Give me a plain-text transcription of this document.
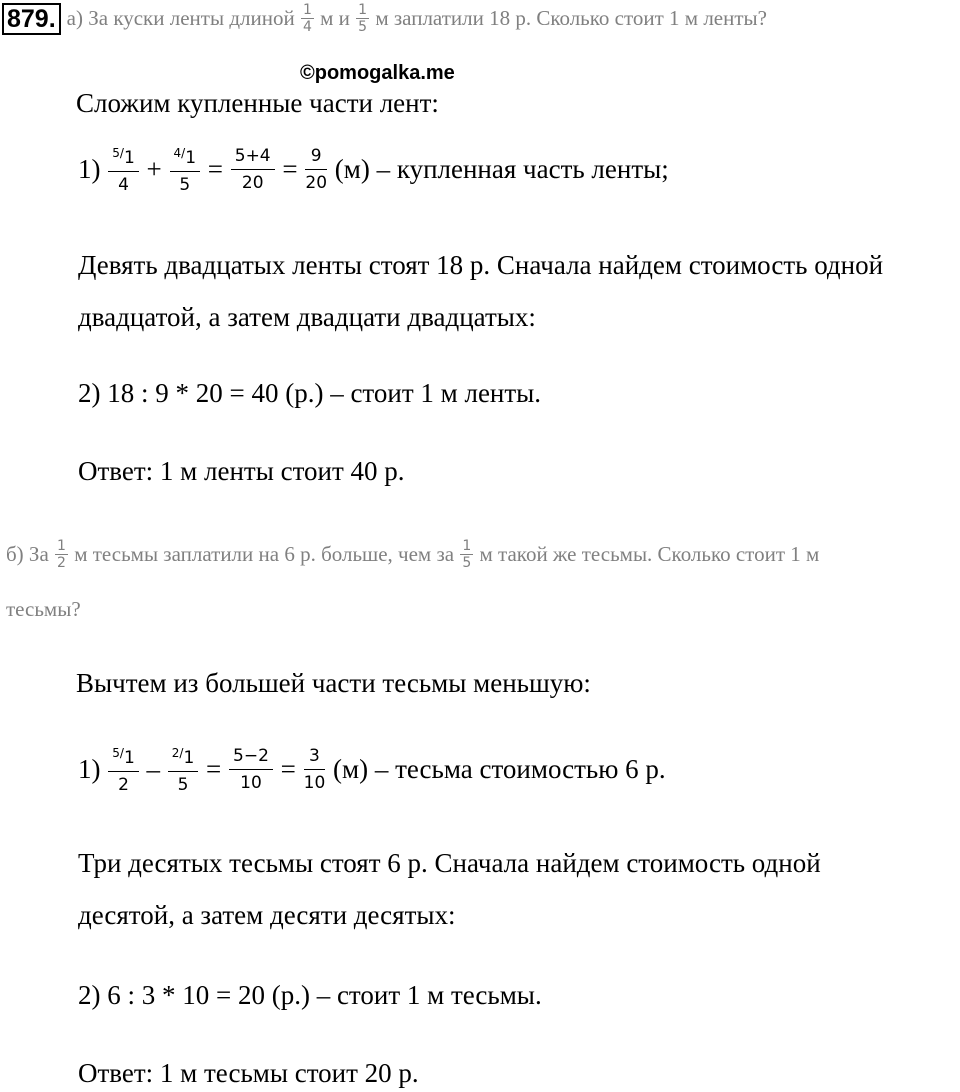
879. а) За куски ленты длиной $\frac{1}{4}$ м и $\frac{1}{5}$ м заплатили 18 р. Сколько стоит 1 м ленты?
©pomogalka.me
Сложим купленные части лент:
$1) \frac{^{5/}1}{4} + \frac{^{4/}1}{5} = \frac{5+4}{20} = \frac{9}{20} (м)$ – купленная часть ленты;
Девять двадцатых ленты стоят 18 р. Сначала найдем стоимость одной
двадцатой, а затем двадцати двадцатых:
2) 18 : 9 * 20 = 40 (р.) – стоит 1 м ленты.
Ответ: 1 м ленты стоит 40 р.
б) За $\frac{1}{2}$ м тесьмы заплатили на 6 р. больше, чем за $\frac{1}{5}$ м такой же тесьмы. Сколько стоит 1 м
тесьмы?
Вычтем из большей части тесьмы меньшую:
$1) \frac{^{5/}1}{2} - \frac{^{2/}1}{5} = \frac{5-2}{10} = \frac{3}{10} (м)$ – тесьма стоимостью 6 р.
Три десятых тесьмы стоят 6 р. Сначала найдем стоимость одной
десятой, а затем десяти десятых:
2) 6 : 3 * 10 = 20 (р.) – стоит 1 м тесьмы.
Ответ: 1 м тесьмы стоит 20 р.
